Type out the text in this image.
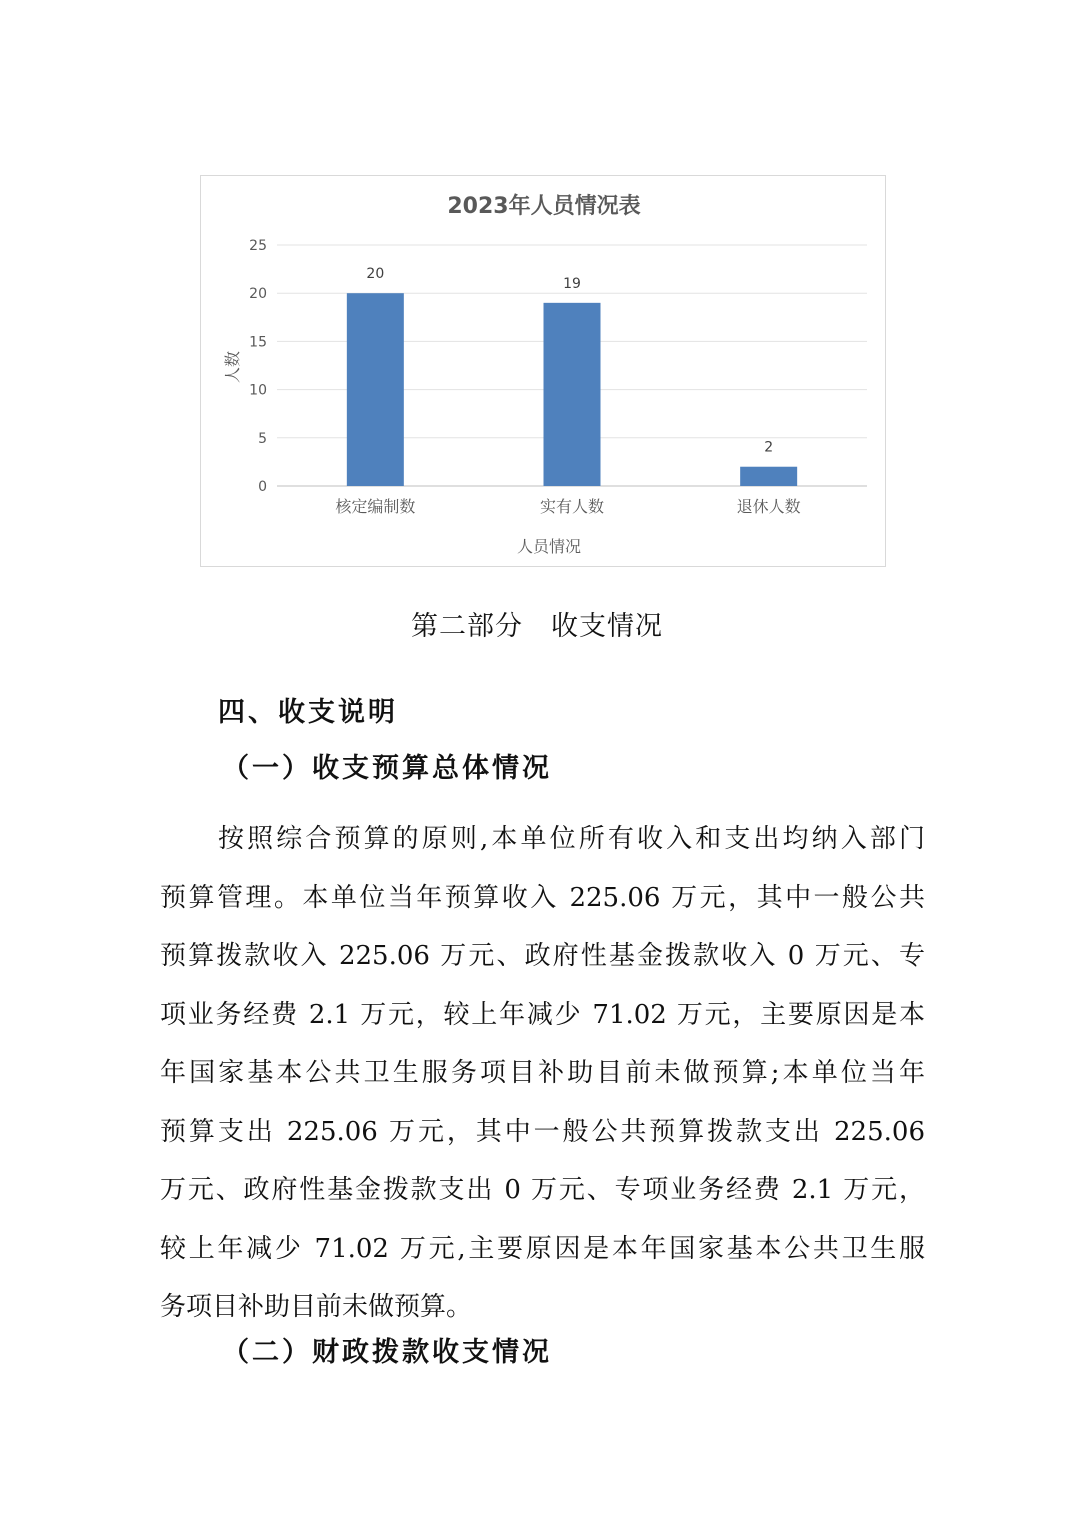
2023年人员情况表
0
5
10
15
20
25
20
核定编制数
19
实有人数
2
退休人数
人员情况
人数
第二部分　收支情况
四、收支说明
（一）收支预算总体情况
按照综合预算的原则,本单位所有收入和支出均纳入部门
预算管理。本单位当年预算收入 225.06 万元，其中一般公共
预算拨款收入 225.06 万元、政府性基金拨款收入 0 万元、专
项业务经费 2.1 万元，较上年减少 71.02 万元，主要原因是本
年国家基本公共卫生服务项目补助目前未做预算;本单位当年
预算支出 225.06 万元，其中一般公共预算拨款支出 225.06
万元、政府性基金拨款支出 0 万元、专项业务经费 2.1 万元，
较上年减少 71.02 万元,主要原因是本年国家基本公共卫生服
务项目补助目前未做预算。
（二）财政拨款收支情况
